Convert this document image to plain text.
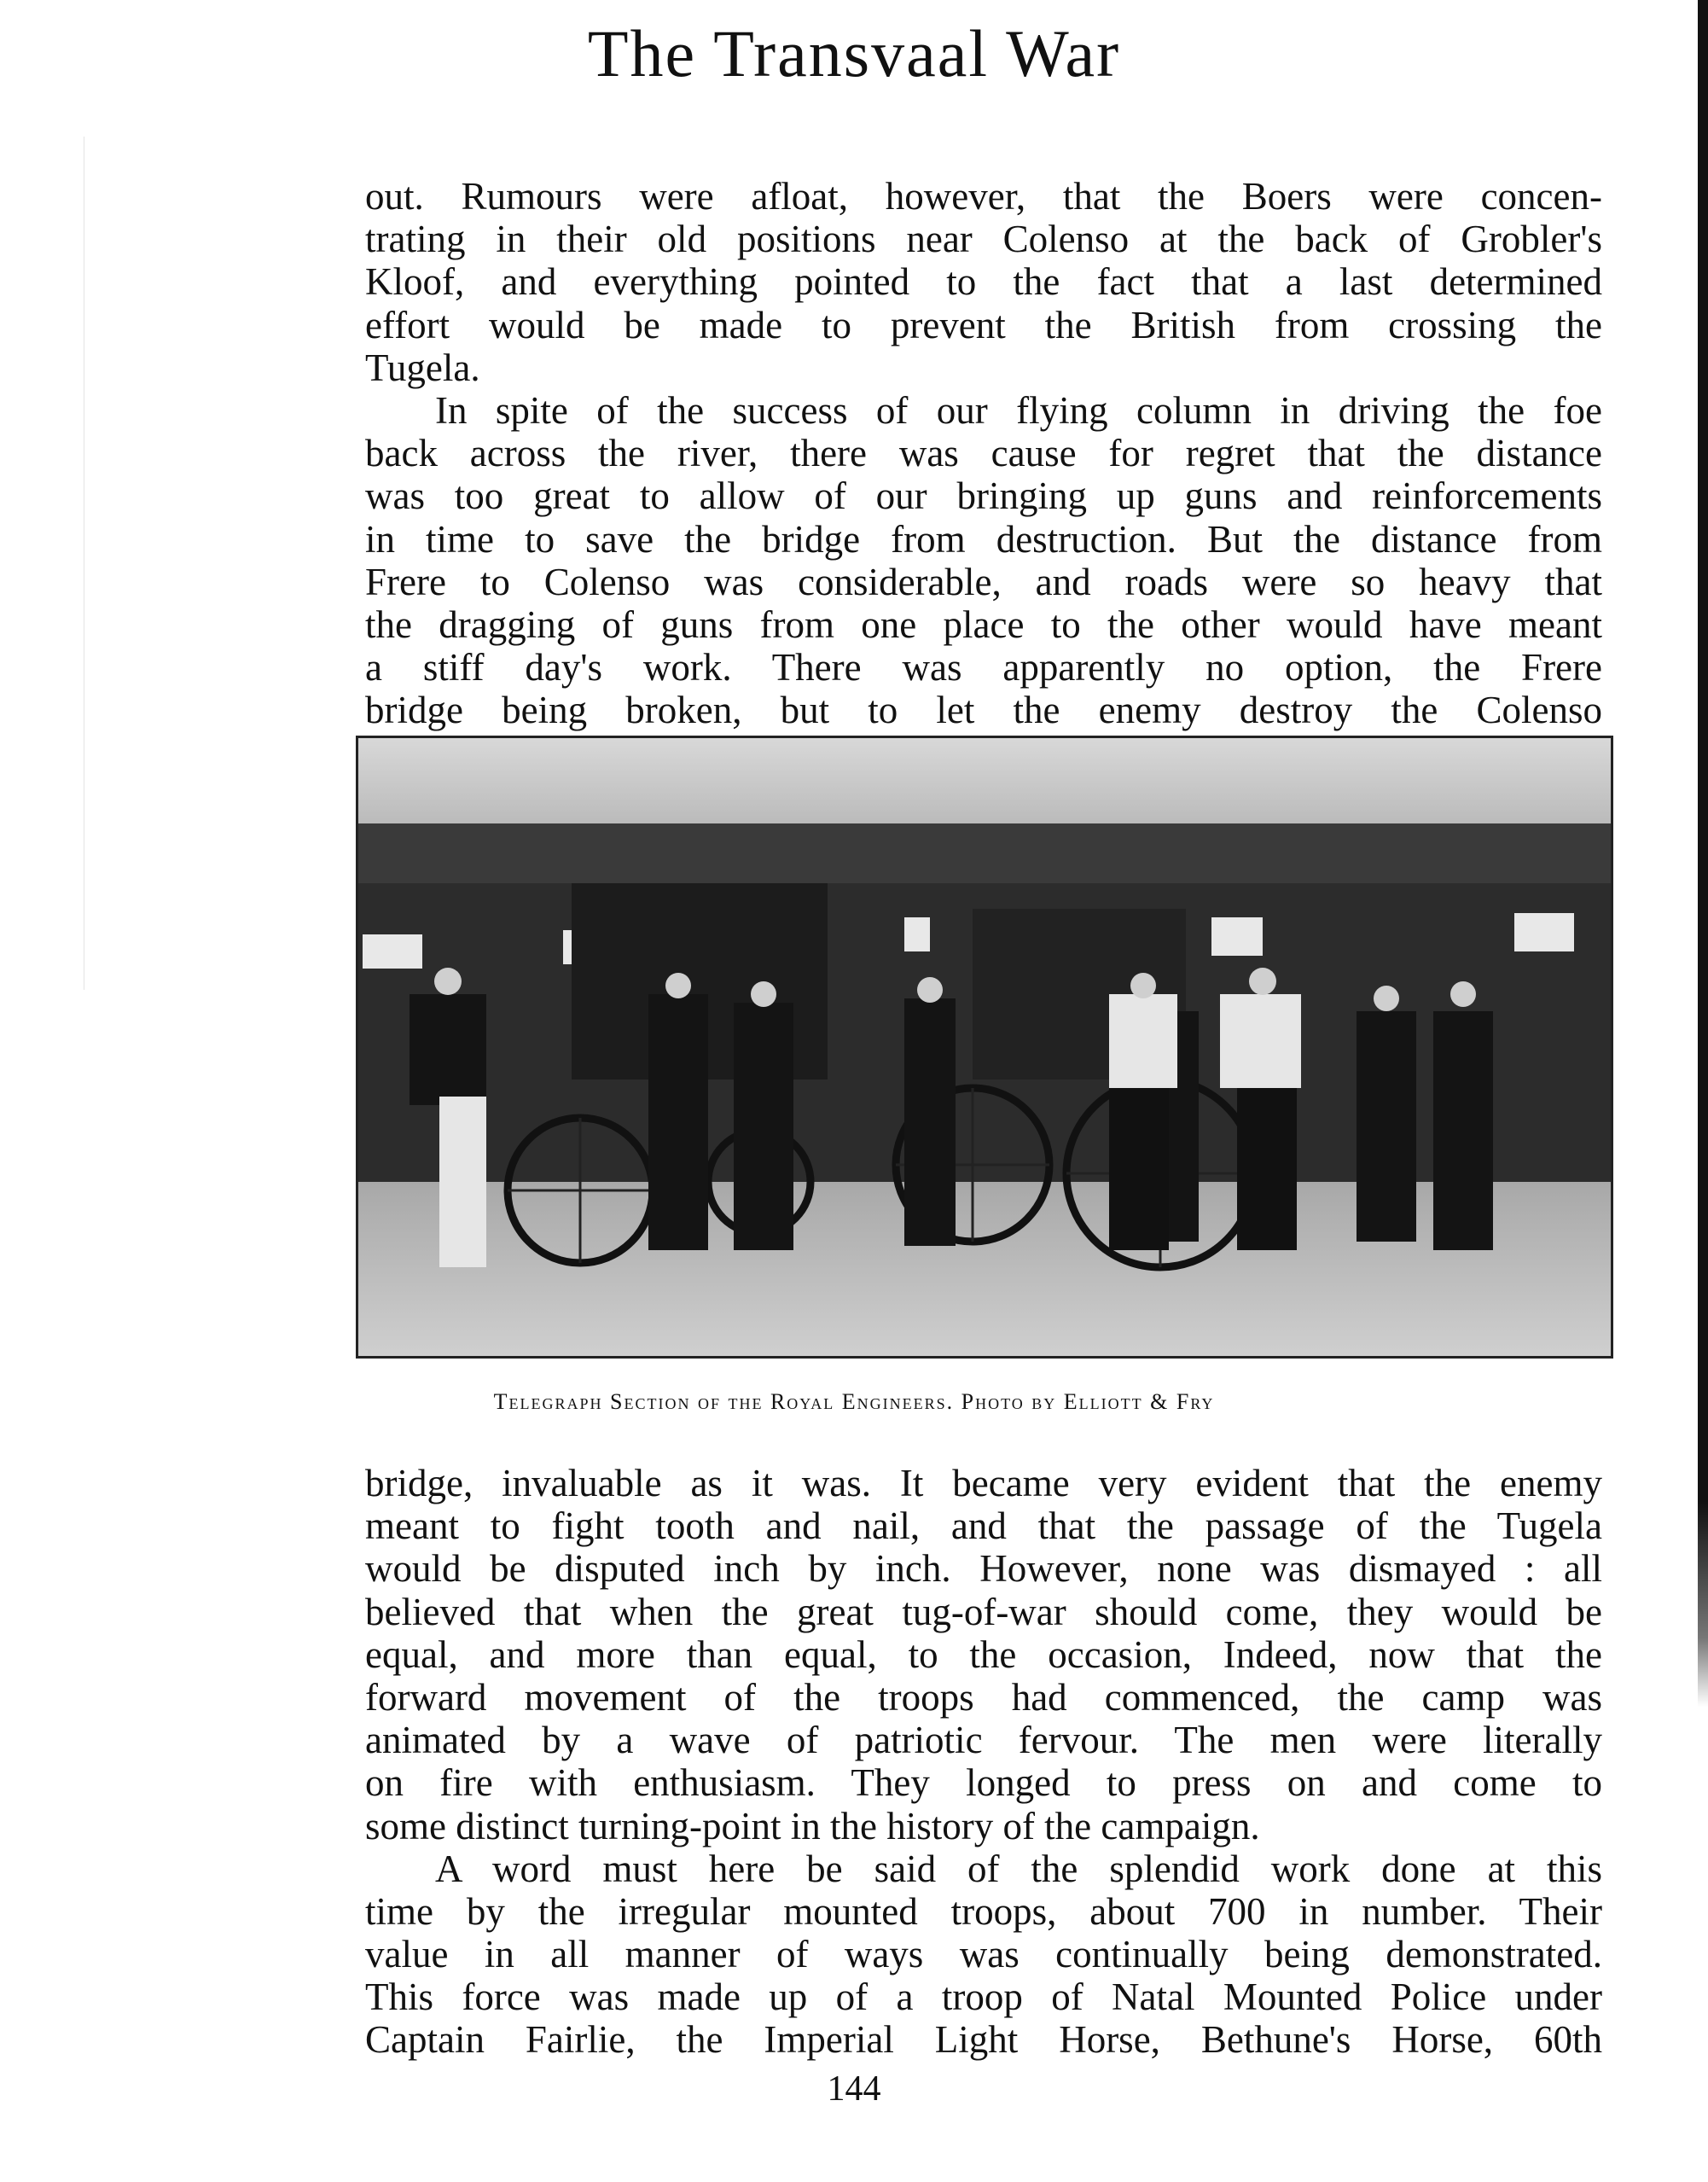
The Transvaal War
out. Rumours were afloat, however, that the Boers were concen-
trating in their old positions near Colenso at the back of Grobler's
Kloof, and everything pointed to the fact that a last determined
effort would be made to prevent the British from crossing the
Tugela.
In spite of the success of our flying column in driving the foe
back across the river, there was cause for regret that the distance
was too great to allow of our bringing up guns and reinforcements
in time to save the bridge from destruction. But the distance from
Frere to Colenso was considerable, and roads were so heavy that
the dragging of guns from one place to the other would have meant
a stiff day's work. There was apparently no option, the Frere
bridge being broken, but to let the enemy destroy the Colenso
Telegraph Section of the Royal Engineers. Photo by Elliott & Fry
bridge, invaluable as it was. It became very evident that the enemy
meant to fight tooth and nail, and that the passage of the Tugela
would be disputed inch by inch. However, none was dismayed : all
believed that when the great tug-of-war should come, they would be
equal, and more than equal, to the occasion, Indeed, now that the
forward movement of the troops had commenced, the camp was
animated by a wave of patriotic fervour. The men were literally
on fire with enthusiasm. They longed to press on and come to
some distinct turning-point in the history of the campaign.
A word must here be said of the splendid work done at this
time by the irregular mounted troops, about 700 in number. Their
value in all manner of ways was continually being demonstrated.
This force was made up of a troop of Natal Mounted Police under
Captain Fairlie, the Imperial Light Horse, Bethune's Horse, 60th
144
